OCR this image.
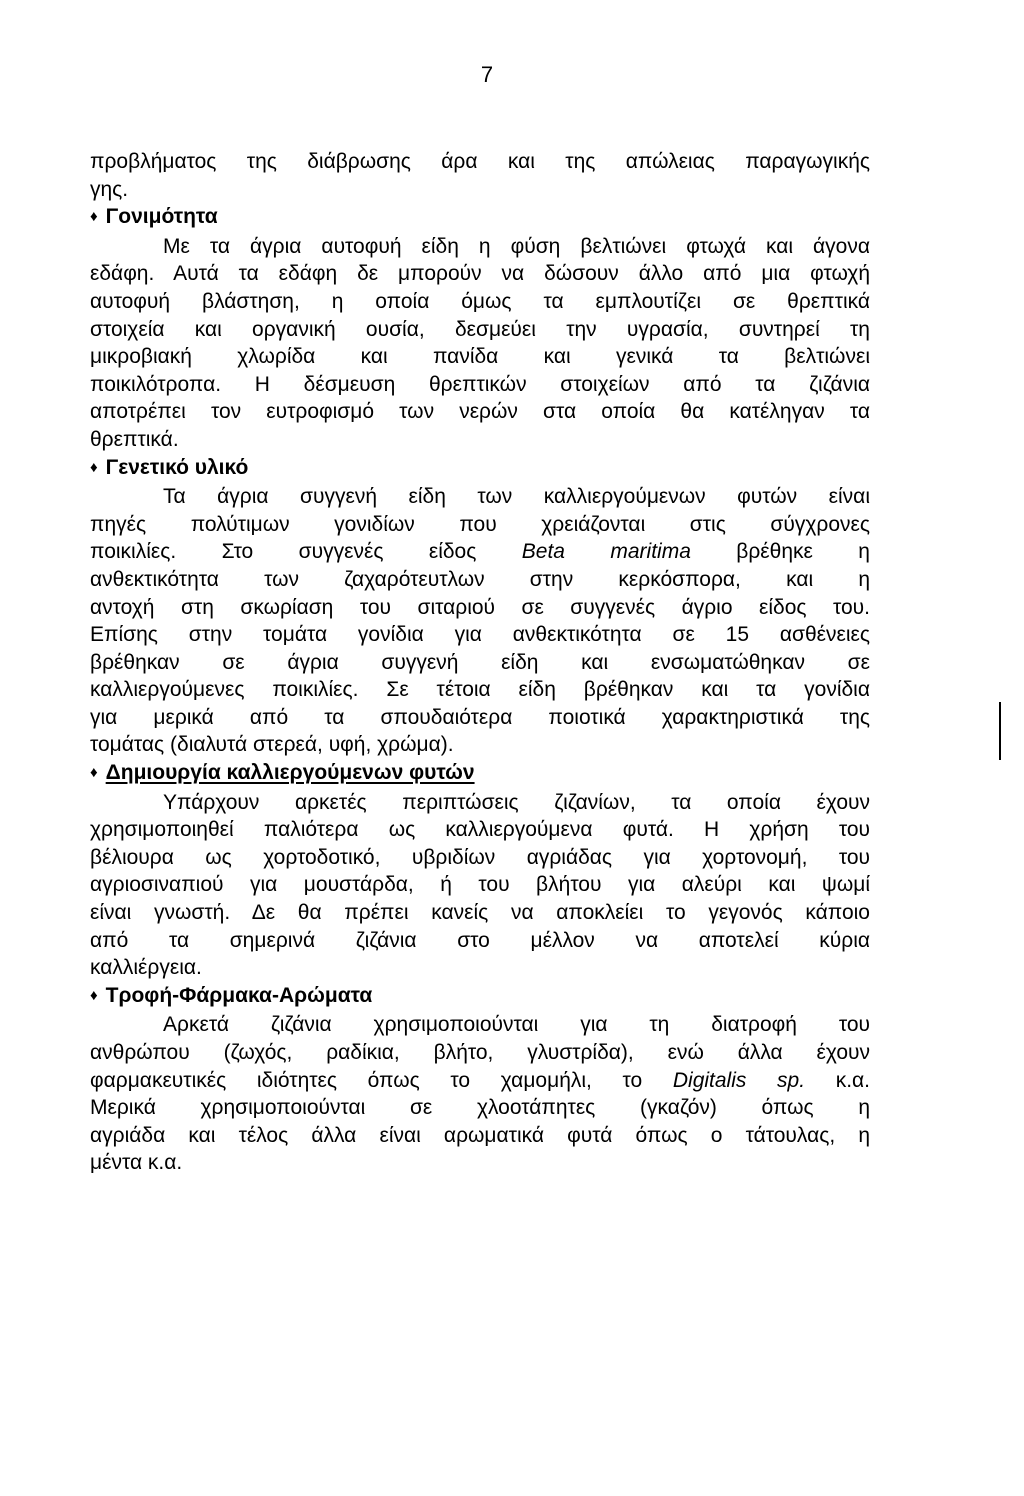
7
προβλήματος της διάβρωσης άρα και της απώλειας παραγωγικής
γης.
♦ Γονιμότητα
Με τα άγρια αυτοφυή είδη η φύση βελτιώνει φτωχά και άγονα
εδάφη. Αυτά τα εδάφη δε μπορούν να δώσουν άλλο από μια φτωχή
αυτοφυή βλάστηση, η οποία όμως τα εμπλουτίζει σε θρεπτικά
στοιχεία και οργανική ουσία, δεσμεύει την υγρασία, συντηρεί τη
μικροβιακή χλωρίδα και πανίδα και γενικά τα βελτιώνει
ποικιλότροπα. Η δέσμευση θρεπτικών στοιχείων από τα ζιζάνια
αποτρέπει τον ευτροφισμό των νερών στα οποία θα κατέληγαν τα
θρεπτικά.
♦ Γενετικό υλικό
Τα άγρια συγγενή είδη των καλλιεργούμενων φυτών είναι
πηγές πολύτιμων γονιδίων που χρειάζονται στις σύγχρονες
ποικιλίες. Στο συγγενές είδος Beta maritima βρέθηκε η
ανθεκτικότητα των ζαχαρότευτλων στην κερκόσπορα, και η
αντοχή στη σκωρίαση του σιταριού σε συγγενές άγριο είδος του.
Επίσης στην τομάτα γονίδια για ανθεκτικότητα σε 15 ασθένειες
βρέθηκαν σε άγρια συγγενή είδη και ενσωματώθηκαν σε
καλλιεργούμενες ποικιλίες. Σε τέτοια είδη βρέθηκαν και τα γονίδια
για μερικά από τα σπουδαιότερα ποιοτικά χαρακτηριστικά της
τομάτας (διαλυτά στερεά, υφή, χρώμα).
♦ Δημιουργία καλλιεργούμενων φυτών
Υπάρχουν αρκετές περιπτώσεις ζιζανίων, τα οποία έχουν
χρησιμοποιηθεί παλιότερα ως καλλιεργούμενα φυτά. Η χρήση του
βέλιουρα ως χορτοδοτικό, υβριδίων αγριάδας για χορτονομή, του
αγριοσιναπιού για μουστάρδα, ή του βλήτου για αλεύρι και ψωμί
είναι γνωστή. Δε θα πρέπει κανείς να αποκλείει το γεγονός κάποιο
από τα σημερινά ζιζάνια στο μέλλον να αποτελεί κύρια
καλλιέργεια.
♦ Τροφή-Φάρμακα-Αρώματα
Αρκετά ζιζάνια χρησιμοποιούνται για τη διατροφή του
ανθρώπου (ζωχός, ραδίκια, βλήτο, γλυστρίδα), ενώ άλλα έχουν
φαρμακευτικές ιδιότητες όπως το χαμομήλι, το Digitalis sp. κ.α.
Μερικά χρησιμοποιούνται σε χλοοτάπητες (γκαζόν) όπως η
αγριάδα και τέλος άλλα είναι αρωματικά φυτά όπως ο τάτουλας, η
μέντα κ.α.
